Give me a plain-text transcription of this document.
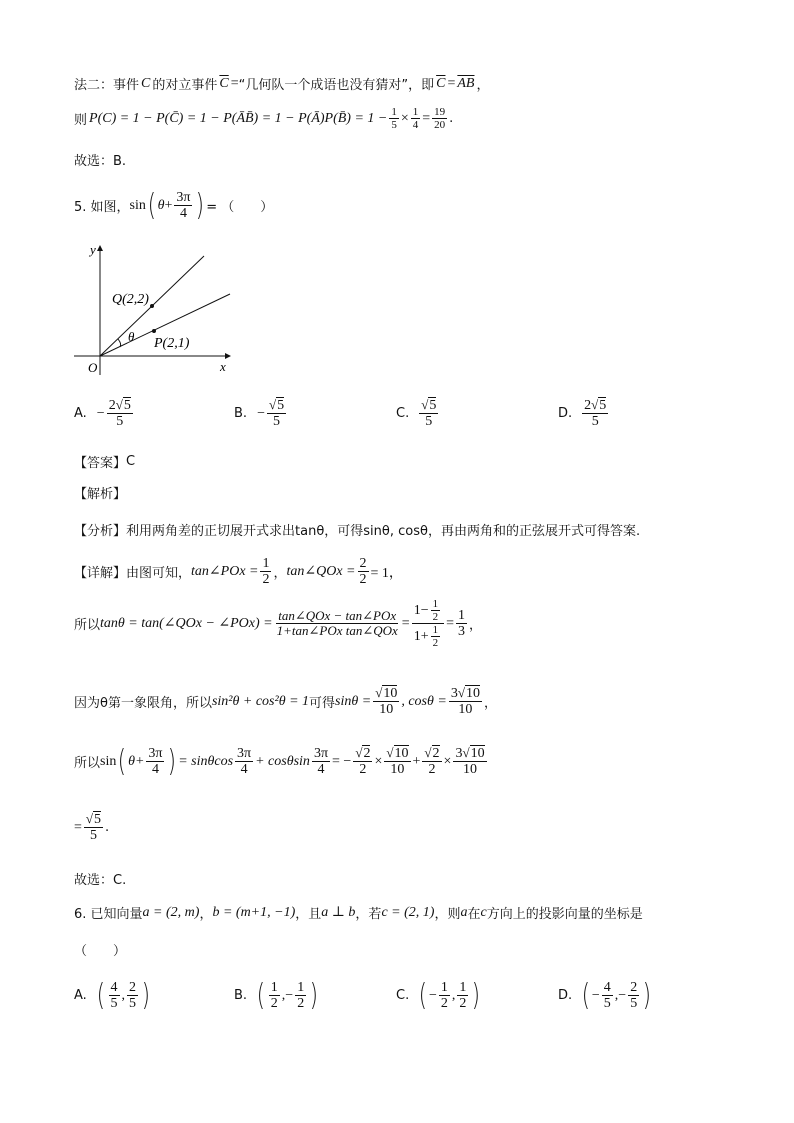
法二：事件 C 的对立事件 $\overline{C}$ = “几何队一个成语也没有猜对” ，即 $\overline{C} = \overline{AB}$ ，
则 P(C) = 1 − P(C̄) = 1 − P(ĀB̄) = 1 − P(Ā)P(B̄) = $1 - \frac{1}{5} \times \frac{1}{4} = \frac{19}{20}$ .
故选：B.
5. 如图， sin ( $\theta + \frac{3\pi}{4}$ ) = （　　）
y
x
O
Q(2,2)
P(2,1)
θ
A. − $\frac{2√5}{5}$	B. − $\frac{√5}{5}$	C. $\frac{√5}{5}$	D. $\frac{2√5}{5}$
【答案】 C
【解析】
【分析】 利用两角差的正切展开式求出tanθ，可得sinθ, cosθ，再由两角和的正弦展开式可得答案.
【详解】 由图可知， tan∠POx = $\frac{1}{2}$ ， tan∠QOx = $\frac{2}{2} = 1$，
所以 tanθ = tan(∠QOx − ∠POx) = $\frac{\text{tan∠QOx − tan∠POx}}{\text{1+tan∠POx tan∠QOx}} = \frac{1- \frac{1}{2}}{1+ \frac{1}{2}} = \frac{1}{3}$ ，
因为θ第一象限角，所以 sin²θ + cos²θ = 1 可得 $\sin\theta = \frac{√10}{10}$ , $\cos\theta = \frac{3√10}{10}$ ，
所以 sin ( $\theta+ \frac{3\pi}{4}$ ) = sinθcos $\frac{3\pi}{4} + \cos\theta\sin \frac{3\pi}{4}$ = − $\frac{√2}{2} \times \frac{√10}{10} + \frac{√2}{2} \times \frac{3√10}{10}$
= $\frac{√5}{5}$ .
故选：C.
6. 已知向量 a = (2, m) ， b = (m+1, −1) ，且 a ⊥ b ，若 c = (2, 1) ，则 a 在 c 方向上的投影向量的坐标是
（　　）
A. ( $\frac{4}{5}$ , $\frac{2}{5}$ )	B. ( $\frac{1}{2}$ ,− $\frac{1}{2}$ )	C. ( − $\frac{1}{2}$ , $\frac{1}{2}$ )	D. ( − $\frac{4}{5}$ ,− $\frac{2}{5}$ )
